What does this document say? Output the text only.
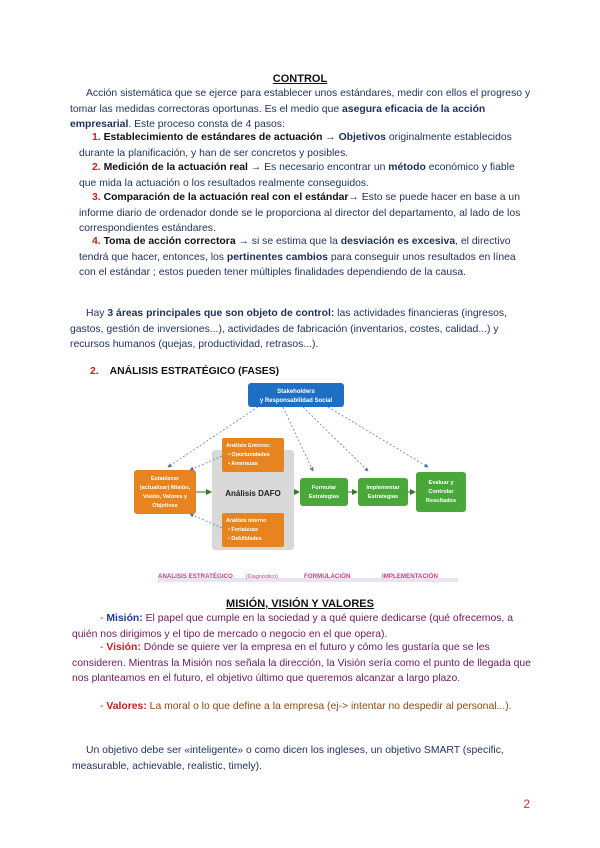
CONTROL

Acción sistemática que se ejerce para establecer unos estándares, medir con ellos el progreso y tomar las medidas correctoras oportunas. Es el medio que asegura eficacia de la acción empresarial. Este proceso consta de 4 pasos:

1. Establecimiento de estándares de actuación → Objetivos originalmente establecidos durante la planificación, y han de ser concretos y posibles.

2. Medición de la actuación real → Es necesario encontrar un método económico y fiable que mida la actuación o los resultados realmente conseguidos.

3. Comparación de la actuación real con el estándar→ Esto se puede hacer en base a un informe diario de ordenador donde se le proporciona al director del departamento, al lado de los correspondientes estándares.

4. Toma de acción correctora → si se estima que la desviación es excesiva, el directivo tendrá que hacer, entonces, los pertinentes cambios para conseguir unos resultados en línea con el estándar ; estos pueden tener múltiples finalidades dependiendo de la causa.

Hay 3 áreas principales que son objeto de control: las actividades financieras (ingresos, gastos, gestión de inversiones...), actividades de fabricación (inventarios, costes, calidad...) y recursos humanos (quejas, productividad, retrasos...).

2. ANÁLISIS ESTRATÉGICO (FASES)
Stakeholders
y Responsabilidad Social
Establecer
(actualizar) Misión,
Visión, Valores y
Objetivos
Análisis DAFO
Análisis Entorno:
• Oportunidades
• Amenazas
Análisis Interno
• Fortalezas
• Debilidades
Formular
Estrategias
Implementar
Estrategias
Evaluar y
Controlar
Resultados
ANALISIS ESTRATÉGICO (Diagnóstico)	FORMULACIÓN	IMPLEMENTACIÓN
MISIÓN, VISIÓN Y VALORES

- Misión: El papel que cumple en la sociedad y a qué quiere dedicarse (qué ofrecemos, a quién nos dirigimos y el tipo de mercado o negocio en el que opera).

- Visión: Dónde se quiere ver la empresa en el futuro y cómo les gustaría que se les consideren. Mientras la Misión nos señala la dirección, la Visión sería como el punto de llegada que nos planteamos en el futuro, el objetivo último que queremos alcanzar a largo plazo.

- Valores: La moral o lo que define a la empresa (ej-> intentar no despedir al personal...).

Un objetivo debe ser «inteligente» o como dicen los ingleses, un objetivo SMART (specific, measurable, achievable, realistic, timely).

2
